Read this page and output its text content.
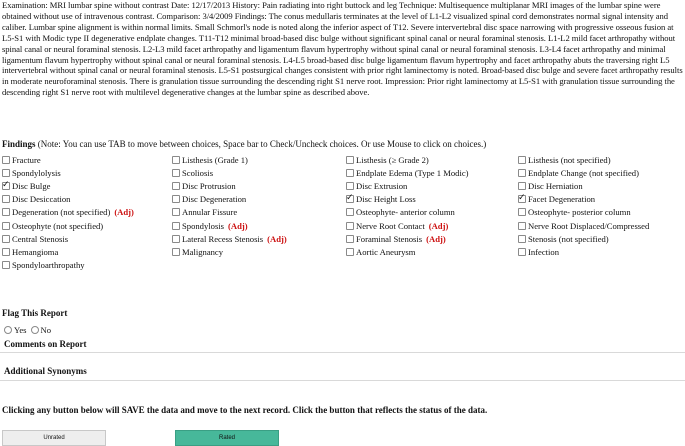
Examination: MRI lumbar spine without contrast Date: 12/17/2013 History: Pain radiating into right buttock and leg Technique: Multisequence multiplanar MRI images of the lumbar spine were obtained without use of intravenous contrast. Comparison: 3/4/2009 Findings: The conus medullaris terminates at the level of L1-L2 visualized spinal cord demonstrates normal signal intensity and caliber. Lumbar spine alignment is within normal limits. Small Schmorl's node is noted along the inferior aspect of T12. Severe intervertebral disc space narrowing with progressive osseous fusion at L5-S1 with Modic type II degenerative endplate changes. T11-T12 minimal broad-based disc bulge without significant spinal canal or neural foraminal stenosis. L1-L2 mild facet arthropathy without spinal canal or neural foraminal stenosis. L2-L3 mild facet arthropathy and ligamentum flavum hypertrophy without spinal canal or neural foraminal stenosis. L3-L4 facet arthropathy and minimal ligamentum flavum hypertrophy without spinal canal or neural foraminal stenosis. L4-L5 broad-based disc bulge ligamentum flavum hypertrophy and facet arthropathy abuts the traversing right L5 intervertebral without spinal canal or neural foraminal stenosis. L5-S1 postsurgical changes consistent with prior right laminectomy is noted. Broad-based disc bulge and severe facet arthropathy results in moderate neuroforaminal stenosis. There is granulation tissue surrounding the descending right S1 nerve root. Impression: Prior right laminectomy at L5-S1 with granulation tissue surrounding the descending right S1 nerve root with multilevel degenerative changes at the lumbar spine as described above.

Findings (Note: You can use TAB to move between choices, Space bar to Check/Uncheck choices. Or use Mouse to click on choices.)
Fracture	Listhesis (Grade 1)	Listhesis (≥ Grade 2)	Listhesis (not specified)
Spondylolysis	Scoliosis	Endplate Edema (Type 1 Modic)	Endplate Change (not specified)
✓
Disc Bulge	Disc Protrusion	Disc Extrusion	Disc Herniation
Disc Desiccation	Disc Degeneration ✓	Disc Height Loss ✓	Facet Degeneration
Degeneration (not specified) (Adj)	Annular Fissure	Osteophyte- anterior column	Osteophyte- posterior column
Osteophyte (not specified)	Spondylosis (Adj)	Nerve Root Contact (Adj)	Nerve Root Displaced/Compressed
Central Stenosis	Lateral Recess Stenosis (Adj)	Foraminal Stenosis (Adj)	Stenosis (not specified)
Hemangioma	Malignancy	Aortic Aneurysm	Infection
Spondyloarthropathy
Flag This Report
Yes No
Comments on Report
Additional Synonyms
Clicking any button below will SAVE the data and move to the next record. Click the button that reflects the status of the data.
Unrated	Rated
